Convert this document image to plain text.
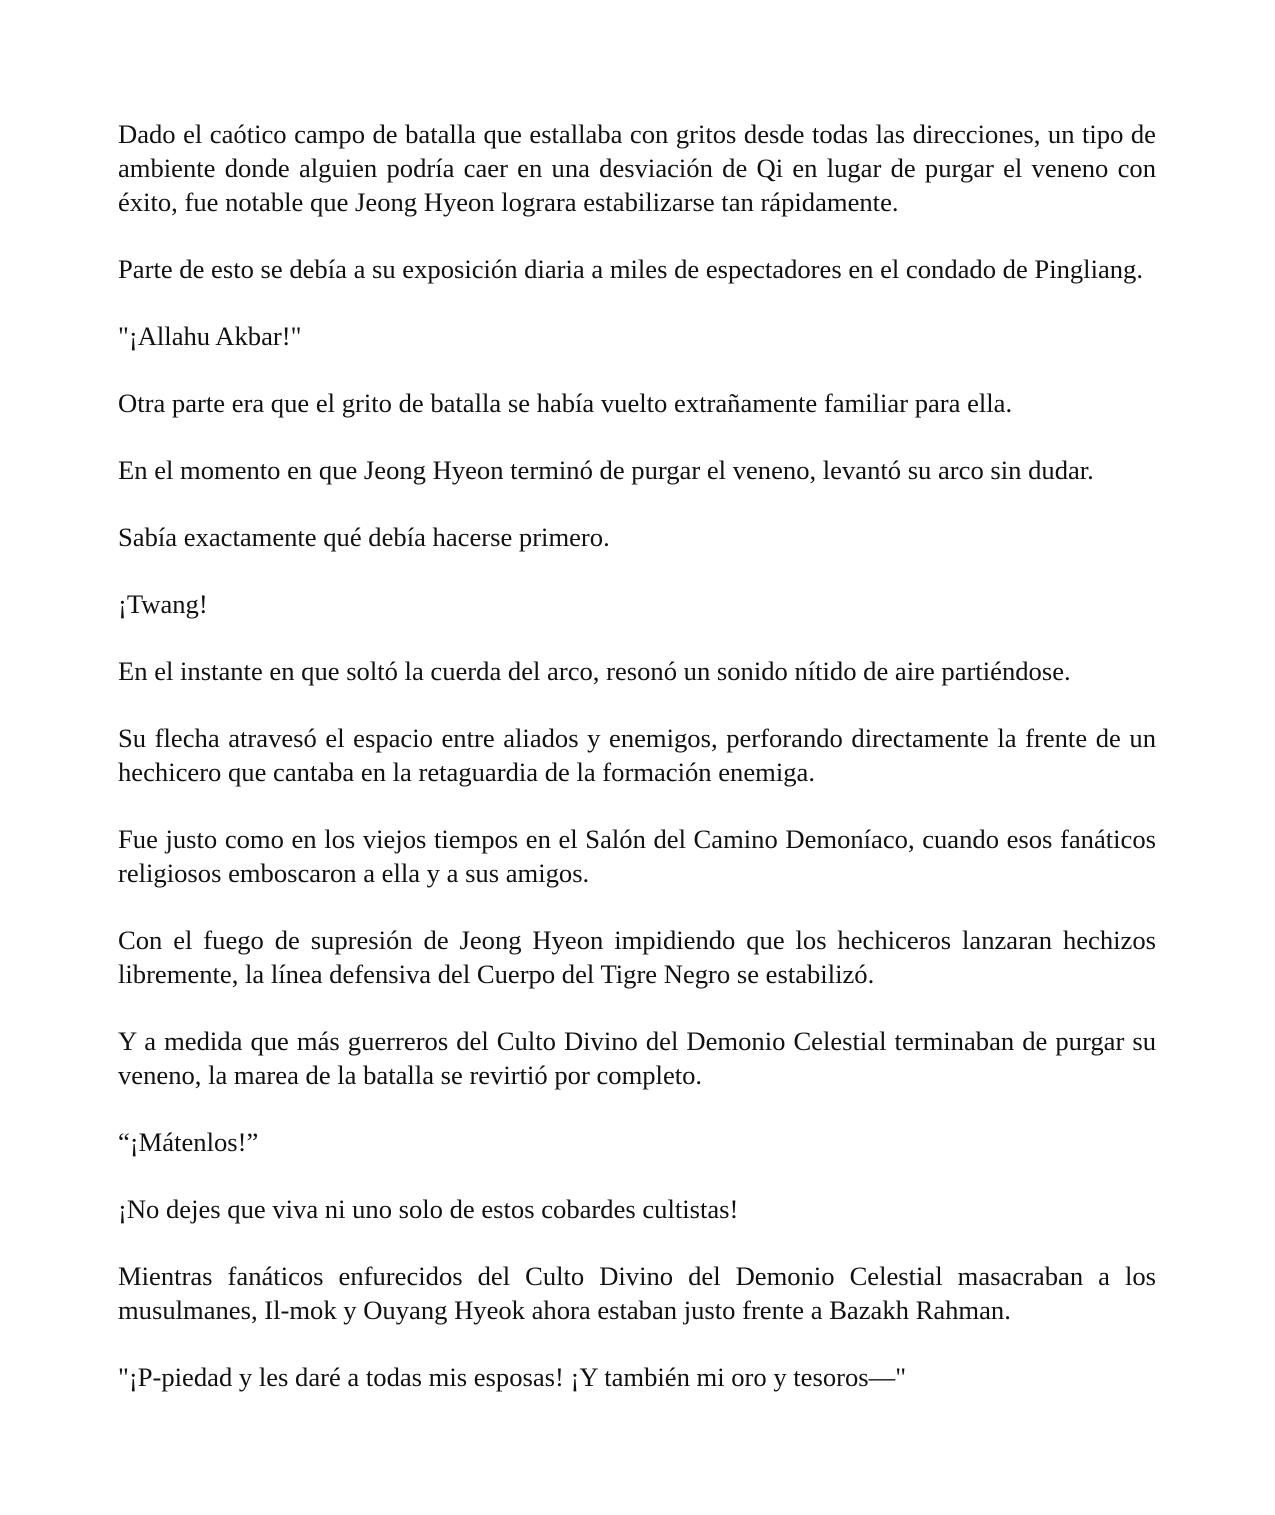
Dado el caótico campo de batalla que estallaba con gritos desde todas las direcciones, un tipo de ambiente donde alguien podría caer en una desviación de Qi en lugar de purgar el veneno con éxito, fue notable que Jeong Hyeon lograra estabilizarse tan rápidamente.

Parte de esto se debía a su exposición diaria a miles de espectadores en el condado de Pingliang.

"¡Allahu Akbar!"

Otra parte era que el grito de batalla se había vuelto extrañamente familiar para ella.

En el momento en que Jeong Hyeon terminó de purgar el veneno, levantó su arco sin dudar.

Sabía exactamente qué debía hacerse primero.

¡Twang!

En el instante en que soltó la cuerda del arco, resonó un sonido nítido de aire partiéndose.

Su flecha atravesó el espacio entre aliados y enemigos, perforando directamente la frente de un hechicero que cantaba en la retaguardia de la formación enemiga.

Fue justo como en los viejos tiempos en el Salón del Camino Demoníaco, cuando esos fanáticos religiosos emboscaron a ella y a sus amigos.

Con el fuego de supresión de Jeong Hyeon impidiendo que los hechiceros lanzaran hechizos libremente, la línea defensiva del Cuerpo del Tigre Negro se estabilizó.

Y a medida que más guerreros del Culto Divino del Demonio Celestial terminaban de purgar su veneno, la marea de la batalla se revirtió por completo.

“¡Mátenlos!”

¡No dejes que viva ni uno solo de estos cobardes cultistas!

Mientras fanáticos enfurecidos del Culto Divino del Demonio Celestial masacraban a los musulmanes, Il-mok y Ouyang Hyeok ahora estaban justo frente a Bazakh Rahman.

"¡P-piedad y les daré a todas mis esposas! ¡Y también mi oro y tesoros—"
